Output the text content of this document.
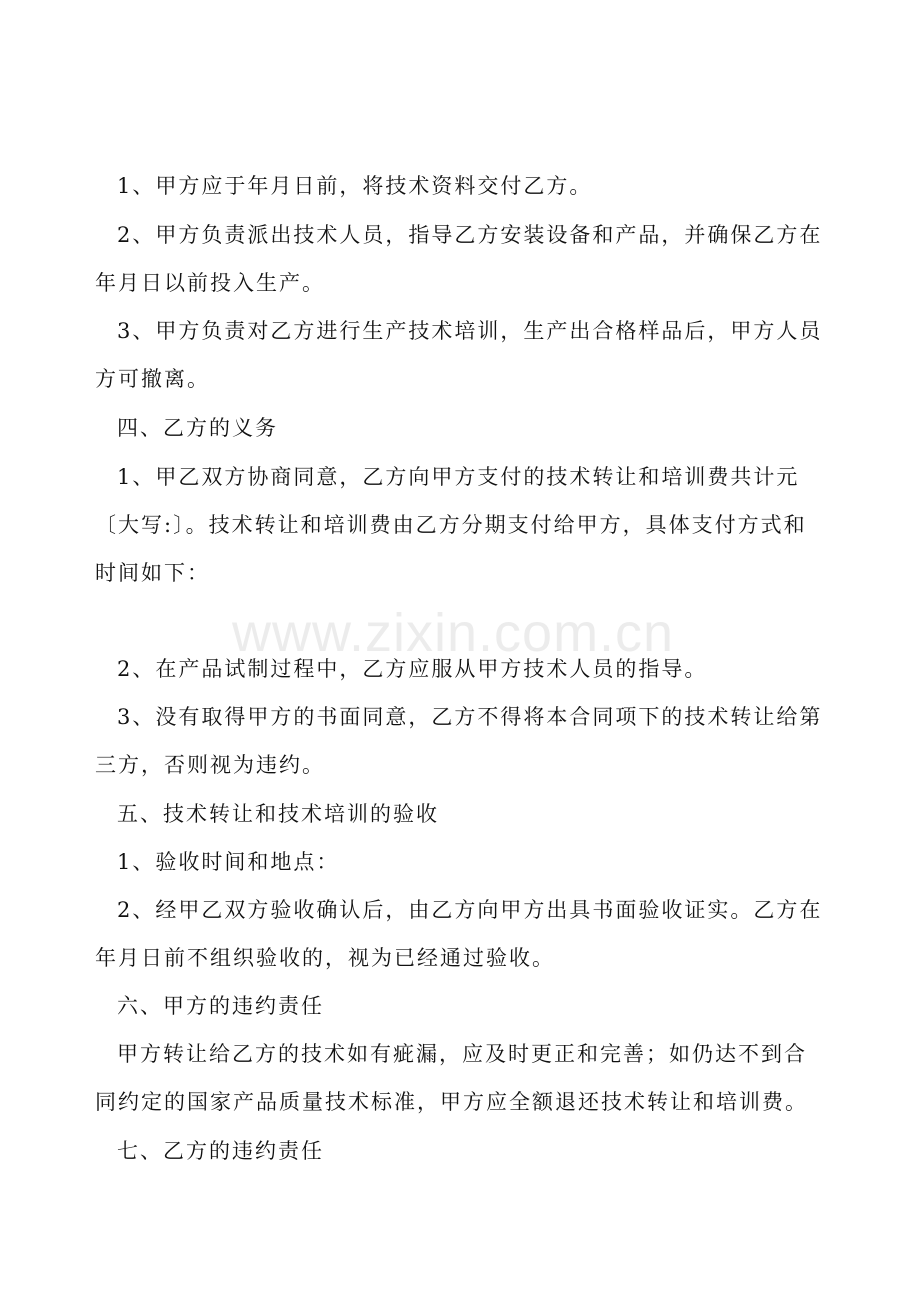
1、甲方应于年月日前，将技术资料交付乙方。

2、甲方负责派出技术人员，指导乙方安装设备和产品，并确保乙方在年月日以前投入生产。

3、甲方负责对乙方进行生产技术培训，生产出合格样品后，甲方人员方可撤离。

四、乙方的义务

1、甲乙双方协商同意，乙方向甲方支付的技术转让和培训费共计元〔大写:〕。技术转让和培训费由乙方分期支付给甲方，具体支付方式和时间如下：

2、在产品试制过程中，乙方应服从甲方技术人员的指导。

3、没有取得甲方的书面同意，乙方不得将本合同项下的技术转让给第三方，否则视为违约。

五、技术转让和技术培训的验收

1、验收时间和地点：

2、经甲乙双方验收确认后，由乙方向甲方出具书面验收证实。乙方在年月日前不组织验收的，视为已经通过验收。

六、甲方的违约责任

甲方转让给乙方的技术如有疵漏，应及时更正和完善；如仍达不到合同约定的国家产品质量技术标准，甲方应全额退还技术转让和培训费。

七、乙方的违约责任

www.zixin.com.cn
